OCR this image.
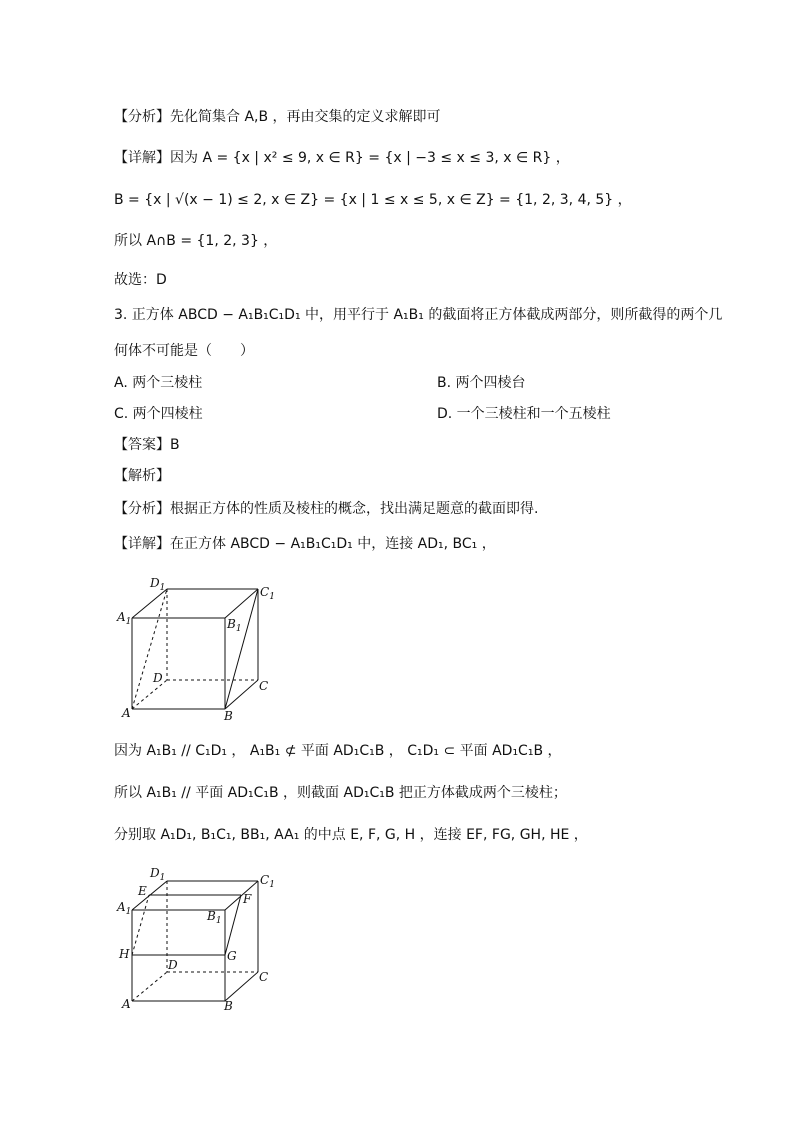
【分析】先化简集合 A,B ，再由交集的定义求解即可
【详解】因为 A = {x | x² ≤ 9, x ∈ R} = {x | −3 ≤ x ≤ 3, x ∈ R} ，
B = {x | √(x − 1) ≤ 2, x ∈ Z} = {x | 1 ≤ x ≤ 5, x ∈ Z} = {1, 2, 3, 4, 5} ，
所以 A∩B = {1, 2, 3} ，
故选：D
3. 正方体 ABCD − A₁B₁C₁D₁ 中，用平行于 A₁B₁ 的截面将正方体截成两部分，则所截得的两个几
何体不可能是（　　）
A. 两个三棱柱	B. 两个四棱台
C. 两个四棱柱	D. 一个三棱柱和一个五棱柱
【答案】B
【解析】
【分析】根据正方体的性质及棱柱的概念，找出满足题意的截面即得.
【详解】在正方体 ABCD − A₁B₁C₁D₁ 中，连接 AD₁, BC₁ ，
$D_1$	$C_1$
$A_1$	$B_1$
D
C
A	B
因为 A₁B₁ // C₁D₁ ， A₁B₁ ⊄ 平面 AD₁C₁B ， C₁D₁ ⊂ 平面 AD₁C₁B ，
所以 A₁B₁ // 平面 AD₁C₁B ，则截面 AD₁C₁B 把正方体截成两个三棱柱；
分别取 A₁D₁, B₁C₁, BB₁, AA₁ 的中点 E, F, G, H ，连接 EF, FG, GH, HE ，
$D_1$	$C_1$
E
F
$A_1$	$B_1$
H	G
D
C
A	B
